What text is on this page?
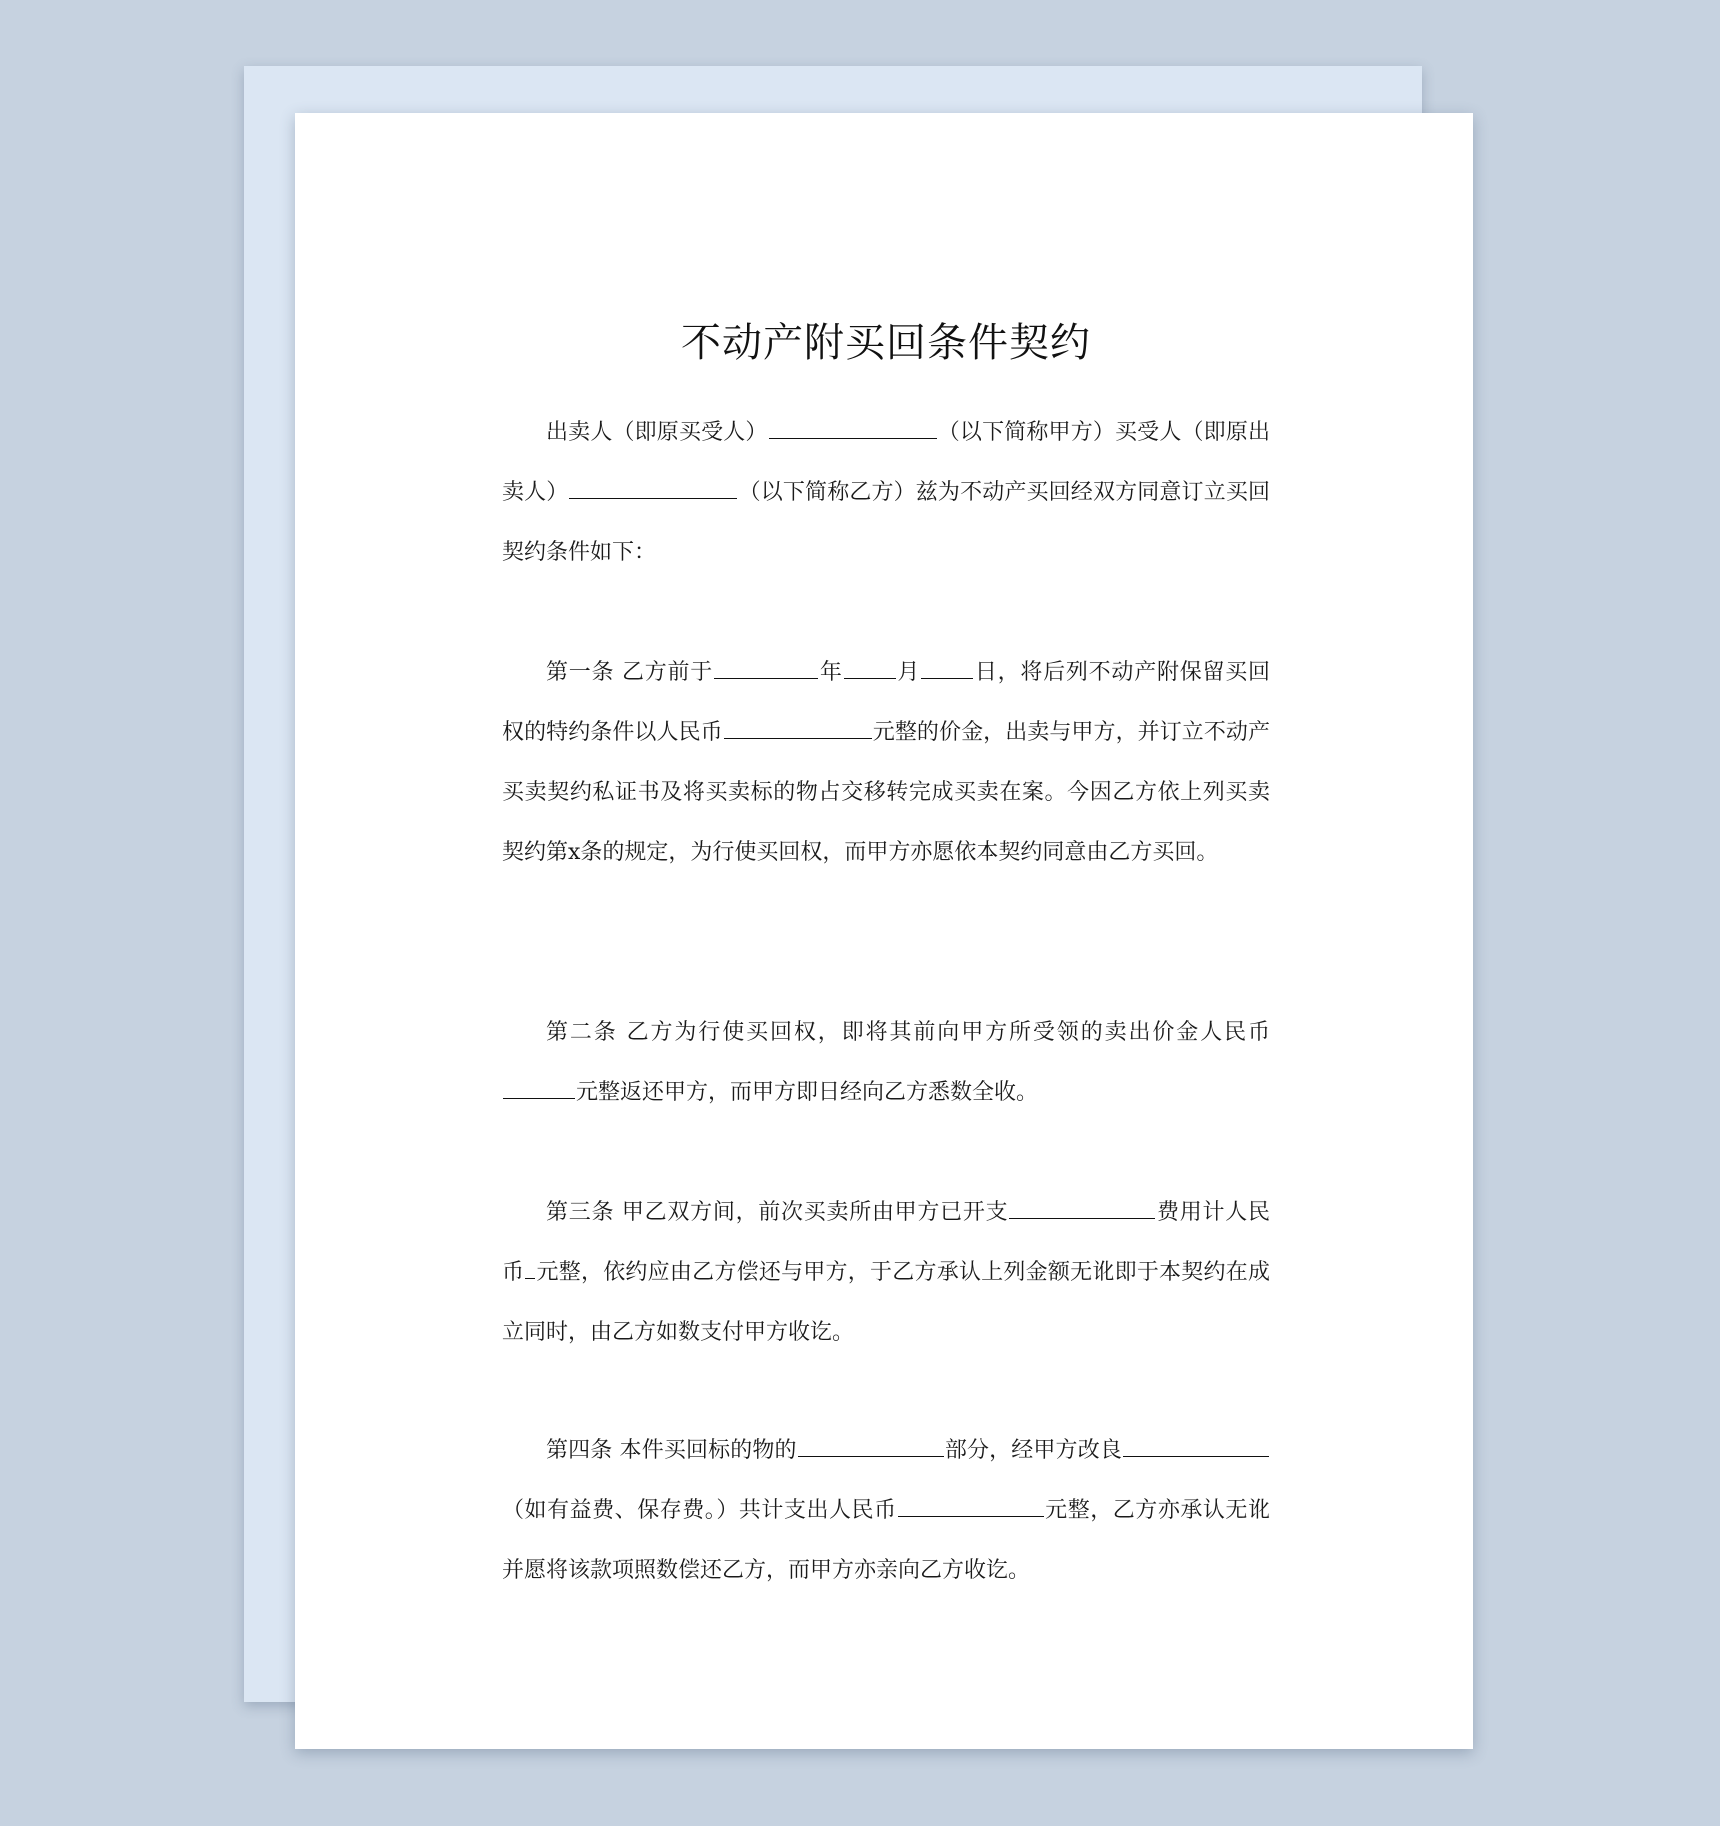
不动产附买回条件契约

出卖人（即原买受人）	（以下简称甲方）买受人（即原出卖人）	（以下简称乙方）兹为不动产买回经双方同意订立买回契约条件如下：

第一条 乙方前于	年 月 日，将后列不动产附保留买回权的特约条件以人民币	元整的价金，出卖与甲方，并订立不动产买卖契约私证书及将买卖标的物占交移转完成买卖在案。今因乙方依上列买卖契约第x条的规定，为行使买回权，而甲方亦愿依本契约同意由乙方买回。

第二条 乙方为行使买回权，即将其前向甲方所受领的卖出价金人民币元整返还甲方，而甲方即日经向乙方悉数全收。

第三条 甲乙双方间，前次买卖所由甲方已开支	费用计人民币 元整，依约应由乙方偿还与甲方，于乙方承认上列金额无讹即于本契约在成立同时，由乙方如数支付甲方收讫。

第四条 本件买回标的物的	部分，经甲方改良（如有益费、保存费。）共计支出人民币	元整，乙方亦承认无讹并愿将该款项照数偿还乙方，而甲方亦亲向乙方收讫。
